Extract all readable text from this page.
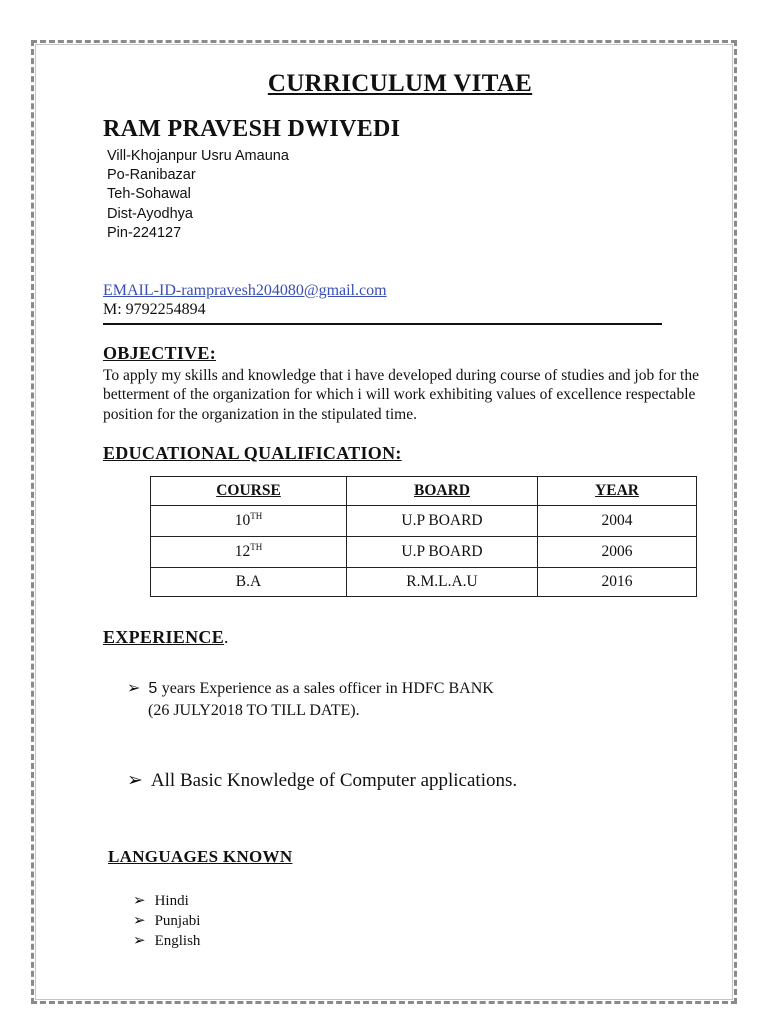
CURRICULUM VITAE
RAM PRAVESH DWIVEDI
Vill-Khojanpur Usru Amauna
Po-Ranibazar
Teh-Sohawal
Dist-Ayodhya
Pin-224127
EMAIL-ID-rampravesh204080@gmail.com
M: 9792254894
OBJECTIVE:
To apply my skills and knowledge that i have developed during course of studies and job for the betterment of the organization for which i will work exhibiting values of excellence respectable position for the organization in the stipulated time.
EDUCATIONAL QUALIFICATION:
COURSE	BOARD	YEAR
10TH	U.P BOARD	2004
12TH	U.P BOARD	2006
B.A	R.M.L.A.U	2016
EXPERIENCE.
➢ 5 years Experience as a sales officer in HDFC BANK
(26 JULY2018 TO TILL DATE).
➢ All Basic Knowledge of Computer applications.
LANGUAGES KNOWN
➢ Hindi
➢ Punjabi
➢ English
